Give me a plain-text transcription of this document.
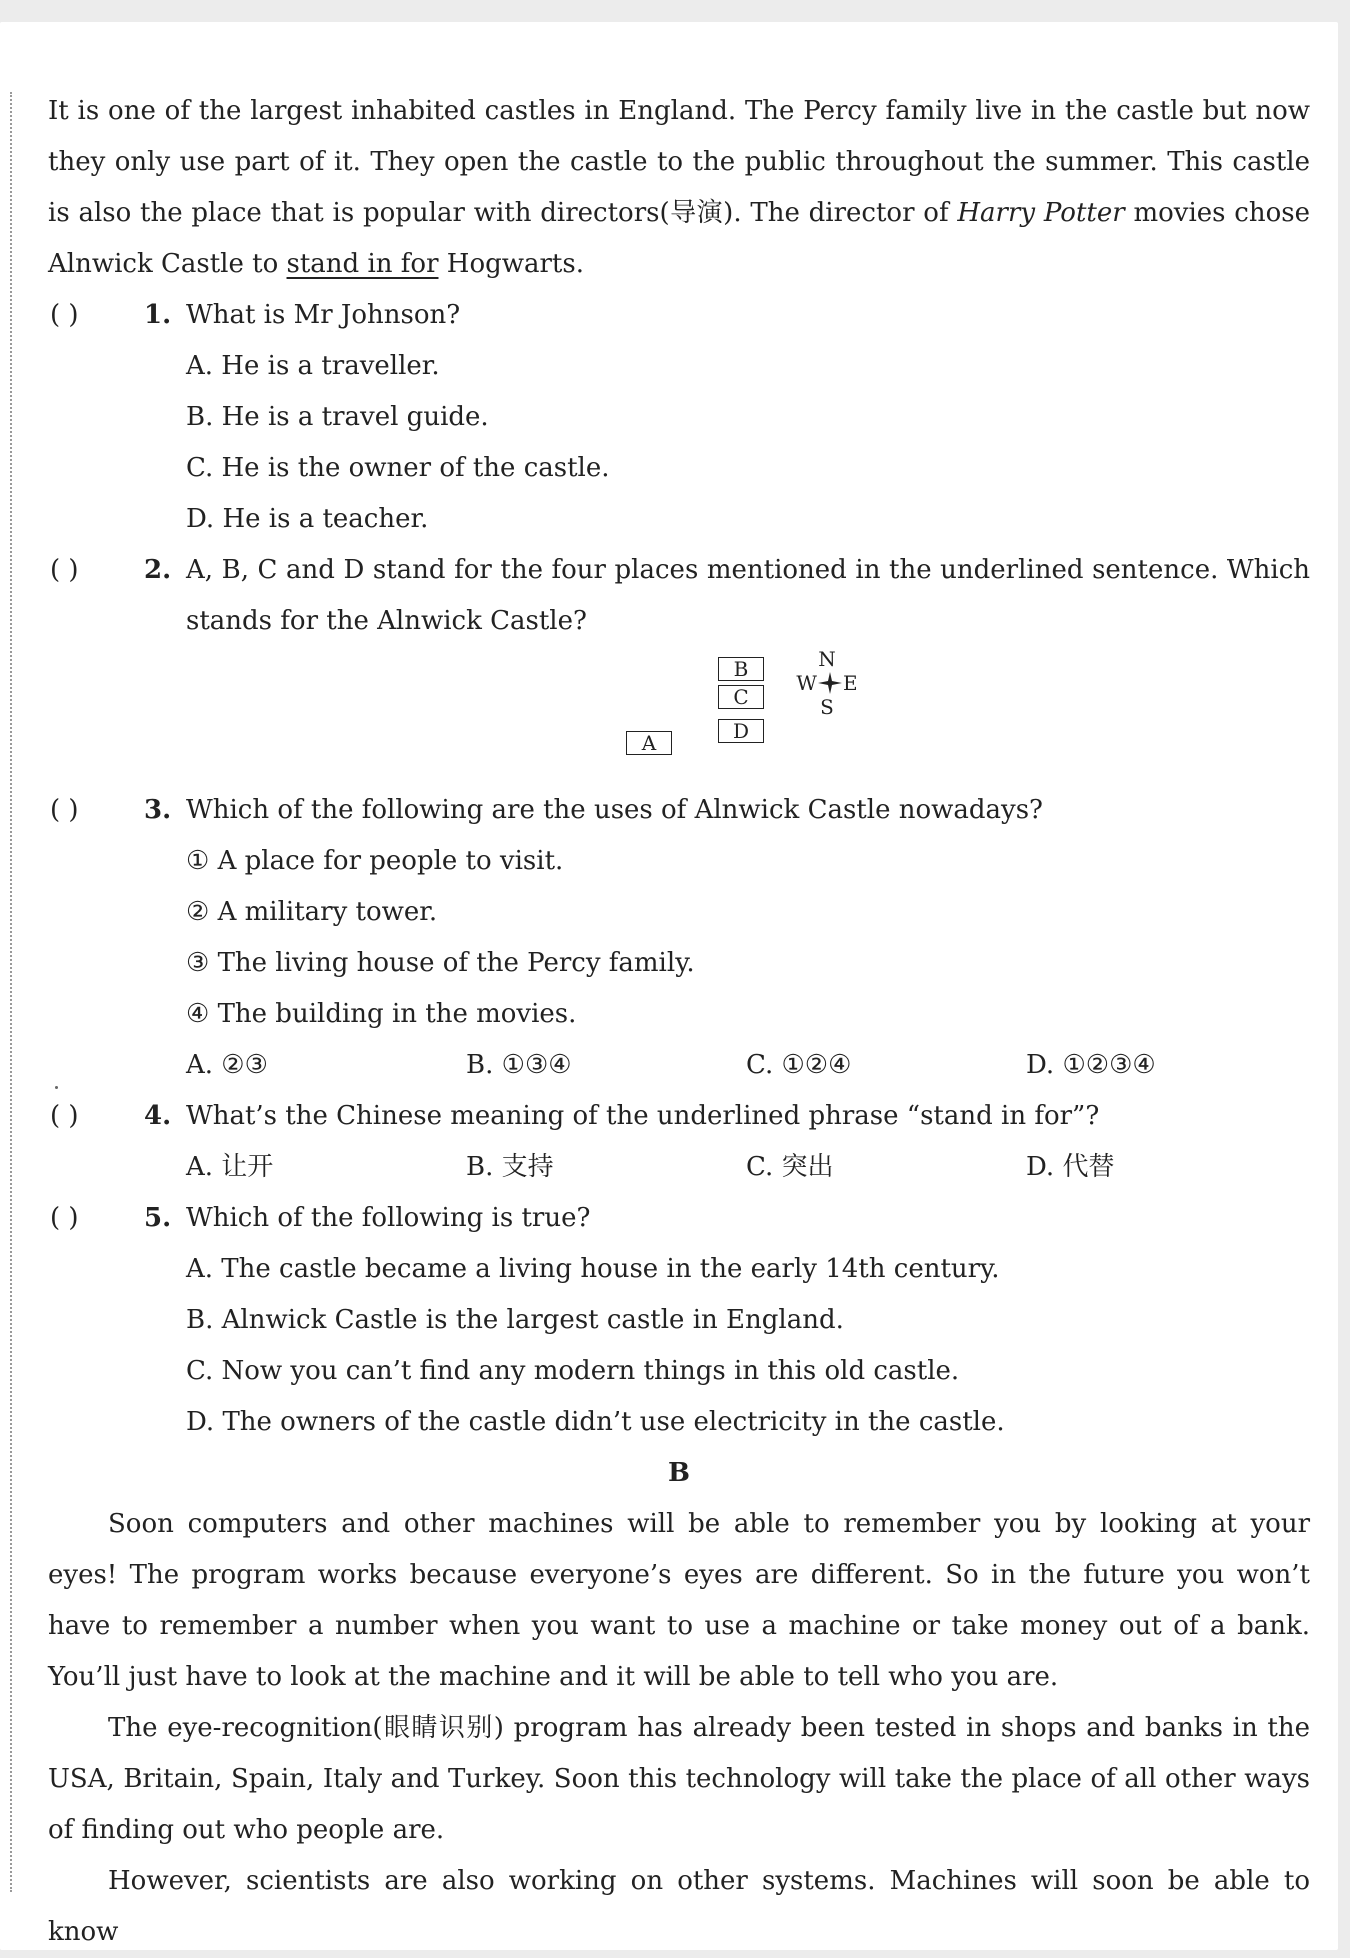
It is one of the largest inhabited castles in England. The Percy family live in the castle but now they only use part of it. They open the castle to the public throughout the summer. This castle is also the place that is popular with directors(导演). The director of Harry Potter movies chose Alnwick Castle to stand in for Hogwarts.

( )	1. What is Mr Johnson?
A. He is a traveller.
B. He is a travel guide.
C. He is the owner of the castle.
D. He is a teacher.
( )	2. A, B, C and D stand for the four places mentioned in the underlined sentence. Which stands for the Alnwick Castle?

B
C
D
A
N
W E
S
( )	3. Which of the following are the uses of Alnwick Castle nowadays?
① A place for people to visit.
② A military tower.
③ The living house of the Percy family.
④ The building in the movies.
A. ②③	B. ①③④	C. ①②④	D. ①②③④
( )	4. What’s the Chinese meaning of the underlined phrase “stand in for”?
A. 让开	B. 支持	C. 突出	D. 代替
( )	5. Which of the following is true?
A. The castle became a living house in the early 14th century.
B. Alnwick Castle is the largest castle in England.
C. Now you can’t find any modern things in this old castle.
D. The owners of the castle didn’t use electricity in the castle.
B

Soon computers and other machines will be able to remember you by looking at your eyes! The program works because everyone’s eyes are different. So in the future you won’t have to remember a number when you want to use a machine or take money out of a bank. You’ll just have to look at the machine and it will be able to tell who you are.

The eye-recognition(眼睛识别) program has already been tested in shops and banks in the USA, Britain, Spain, Italy and Turkey. Soon this technology will take the place of all other ways of finding out who people are.

However, scientists are also working on other systems. Machines will soon be able to know
